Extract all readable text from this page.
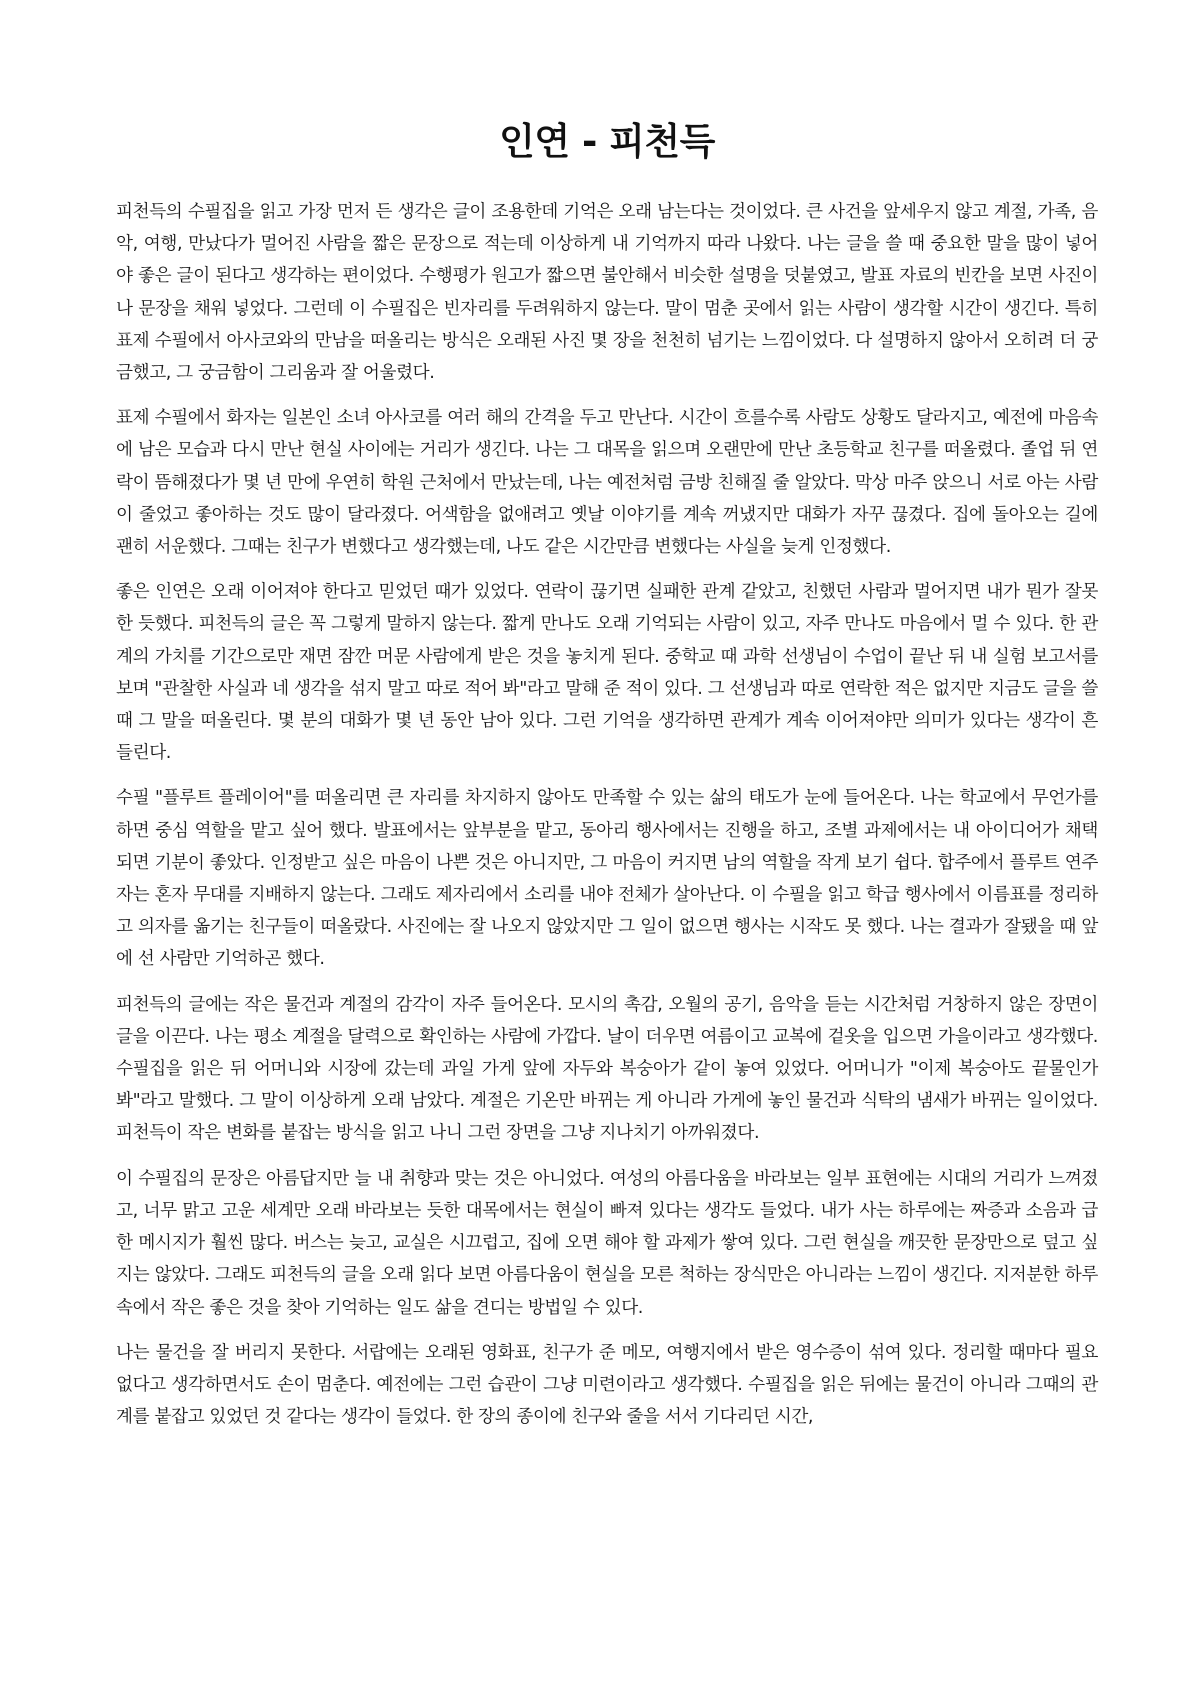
인연 - 피천득

피천득의 수필집을 읽고 가장 먼저 든 생각은 글이 조용한데 기억은 오래 남는다는 것이었다. 큰 사건을 앞세우지 않고 계절, 가족, 음악, 여행, 만났다가 멀어진 사람을 짧은 문장으로 적는데 이상하게 내 기억까지 따라 나왔다. 나는 글을 쓸 때 중요한 말을 많이 넣어야 좋은 글이 된다고 생각하는 편이었다. 수행평가 원고가 짧으면 불안해서 비슷한 설명을 덧붙였고, 발표 자료의 빈칸을 보면 사진이나 문장을 채워 넣었다. 그런데 이 수필집은 빈자리를 두려워하지 않는다. 말이 멈춘 곳에서 읽는 사람이 생각할 시간이 생긴다. 특히 표제 수필에서 아사코와의 만남을 떠올리는 방식은 오래된 사진 몇 장을 천천히 넘기는 느낌이었다. 다 설명하지 않아서 오히려 더 궁금했고, 그 궁금함이 그리움과 잘 어울렸다.

표제 수필에서 화자는 일본인 소녀 아사코를 여러 해의 간격을 두고 만난다. 시간이 흐를수록 사람도 상황도 달라지고, 예전에 마음속에 남은 모습과 다시 만난 현실 사이에는 거리가 생긴다. 나는 그 대목을 읽으며 오랜만에 만난 초등학교 친구를 떠올렸다. 졸업 뒤 연락이 뜸해졌다가 몇 년 만에 우연히 학원 근처에서 만났는데, 나는 예전처럼 금방 친해질 줄 알았다. 막상 마주 앉으니 서로 아는 사람이 줄었고 좋아하는 것도 많이 달라졌다. 어색함을 없애려고 옛날 이야기를 계속 꺼냈지만 대화가 자꾸 끊겼다. 집에 돌아오는 길에 괜히 서운했다. 그때는 친구가 변했다고 생각했는데, 나도 같은 시간만큼 변했다는 사실을 늦게 인정했다.

좋은 인연은 오래 이어져야 한다고 믿었던 때가 있었다. 연락이 끊기면 실패한 관계 같았고, 친했던 사람과 멀어지면 내가 뭔가 잘못한 듯했다. 피천득의 글은 꼭 그렇게 말하지 않는다. 짧게 만나도 오래 기억되는 사람이 있고, 자주 만나도 마음에서 멀 수 있다. 한 관계의 가치를 기간으로만 재면 잠깐 머문 사람에게 받은 것을 놓치게 된다. 중학교 때 과학 선생님이 수업이 끝난 뒤 내 실험 보고서를 보며 "관찰한 사실과 네 생각을 섞지 말고 따로 적어 봐"라고 말해 준 적이 있다. 그 선생님과 따로 연락한 적은 없지만 지금도 글을 쓸 때 그 말을 떠올린다. 몇 분의 대화가 몇 년 동안 남아 있다. 그런 기억을 생각하면 관계가 계속 이어져야만 의미가 있다는 생각이 흔들린다.

수필 "플루트 플레이어"를 떠올리면 큰 자리를 차지하지 않아도 만족할 수 있는 삶의 태도가 눈에 들어온다. 나는 학교에서 무언가를 하면 중심 역할을 맡고 싶어 했다. 발표에서는 앞부분을 맡고, 동아리 행사에서는 진행을 하고, 조별 과제에서는 내 아이디어가 채택되면 기분이 좋았다. 인정받고 싶은 마음이 나쁜 것은 아니지만, 그 마음이 커지면 남의 역할을 작게 보기 쉽다. 합주에서 플루트 연주자는 혼자 무대를 지배하지 않는다. 그래도 제자리에서 소리를 내야 전체가 살아난다. 이 수필을 읽고 학급 행사에서 이름표를 정리하고 의자를 옮기는 친구들이 떠올랐다. 사진에는 잘 나오지 않았지만 그 일이 없으면 행사는 시작도 못 했다. 나는 결과가 잘됐을 때 앞에 선 사람만 기억하곤 했다.

피천득의 글에는 작은 물건과 계절의 감각이 자주 들어온다. 모시의 촉감, 오월의 공기, 음악을 듣는 시간처럼 거창하지 않은 장면이 글을 이끈다. 나는 평소 계절을 달력으로 확인하는 사람에 가깝다. 날이 더우면 여름이고 교복에 겉옷을 입으면 가을이라고 생각했다. 수필집을 읽은 뒤 어머니와 시장에 갔는데 과일 가게 앞에 자두와 복숭아가 같이 놓여 있었다. 어머니가 "이제 복숭아도 끝물인가 봐"라고 말했다. 그 말이 이상하게 오래 남았다. 계절은 기온만 바뀌는 게 아니라 가게에 놓인 물건과 식탁의 냄새가 바뀌는 일이었다. 피천득이 작은 변화를 붙잡는 방식을 읽고 나니 그런 장면을 그냥 지나치기 아까워졌다.

이 수필집의 문장은 아름답지만 늘 내 취향과 맞는 것은 아니었다. 여성의 아름다움을 바라보는 일부 표현에는 시대의 거리가 느껴졌고, 너무 맑고 고운 세계만 오래 바라보는 듯한 대목에서는 현실이 빠져 있다는 생각도 들었다. 내가 사는 하루에는 짜증과 소음과 급한 메시지가 훨씬 많다. 버스는 늦고, 교실은 시끄럽고, 집에 오면 해야 할 과제가 쌓여 있다. 그런 현실을 깨끗한 문장만으로 덮고 싶지는 않았다. 그래도 피천득의 글을 오래 읽다 보면 아름다움이 현실을 모른 척하는 장식만은 아니라는 느낌이 생긴다. 지저분한 하루 속에서 작은 좋은 것을 찾아 기억하는 일도 삶을 견디는 방법일 수 있다.

나는 물건을 잘 버리지 못한다. 서랍에는 오래된 영화표, 친구가 준 메모, 여행지에서 받은 영수증이 섞여 있다. 정리할 때마다 필요 없다고 생각하면서도 손이 멈춘다. 예전에는 그런 습관이 그냥 미련이라고 생각했다. 수필집을 읽은 뒤에는 물건이 아니라 그때의 관계를 붙잡고 있었던 것 같다는 생각이 들었다. 한 장의 종이에 친구와 줄을 서서 기다리던 시간,
